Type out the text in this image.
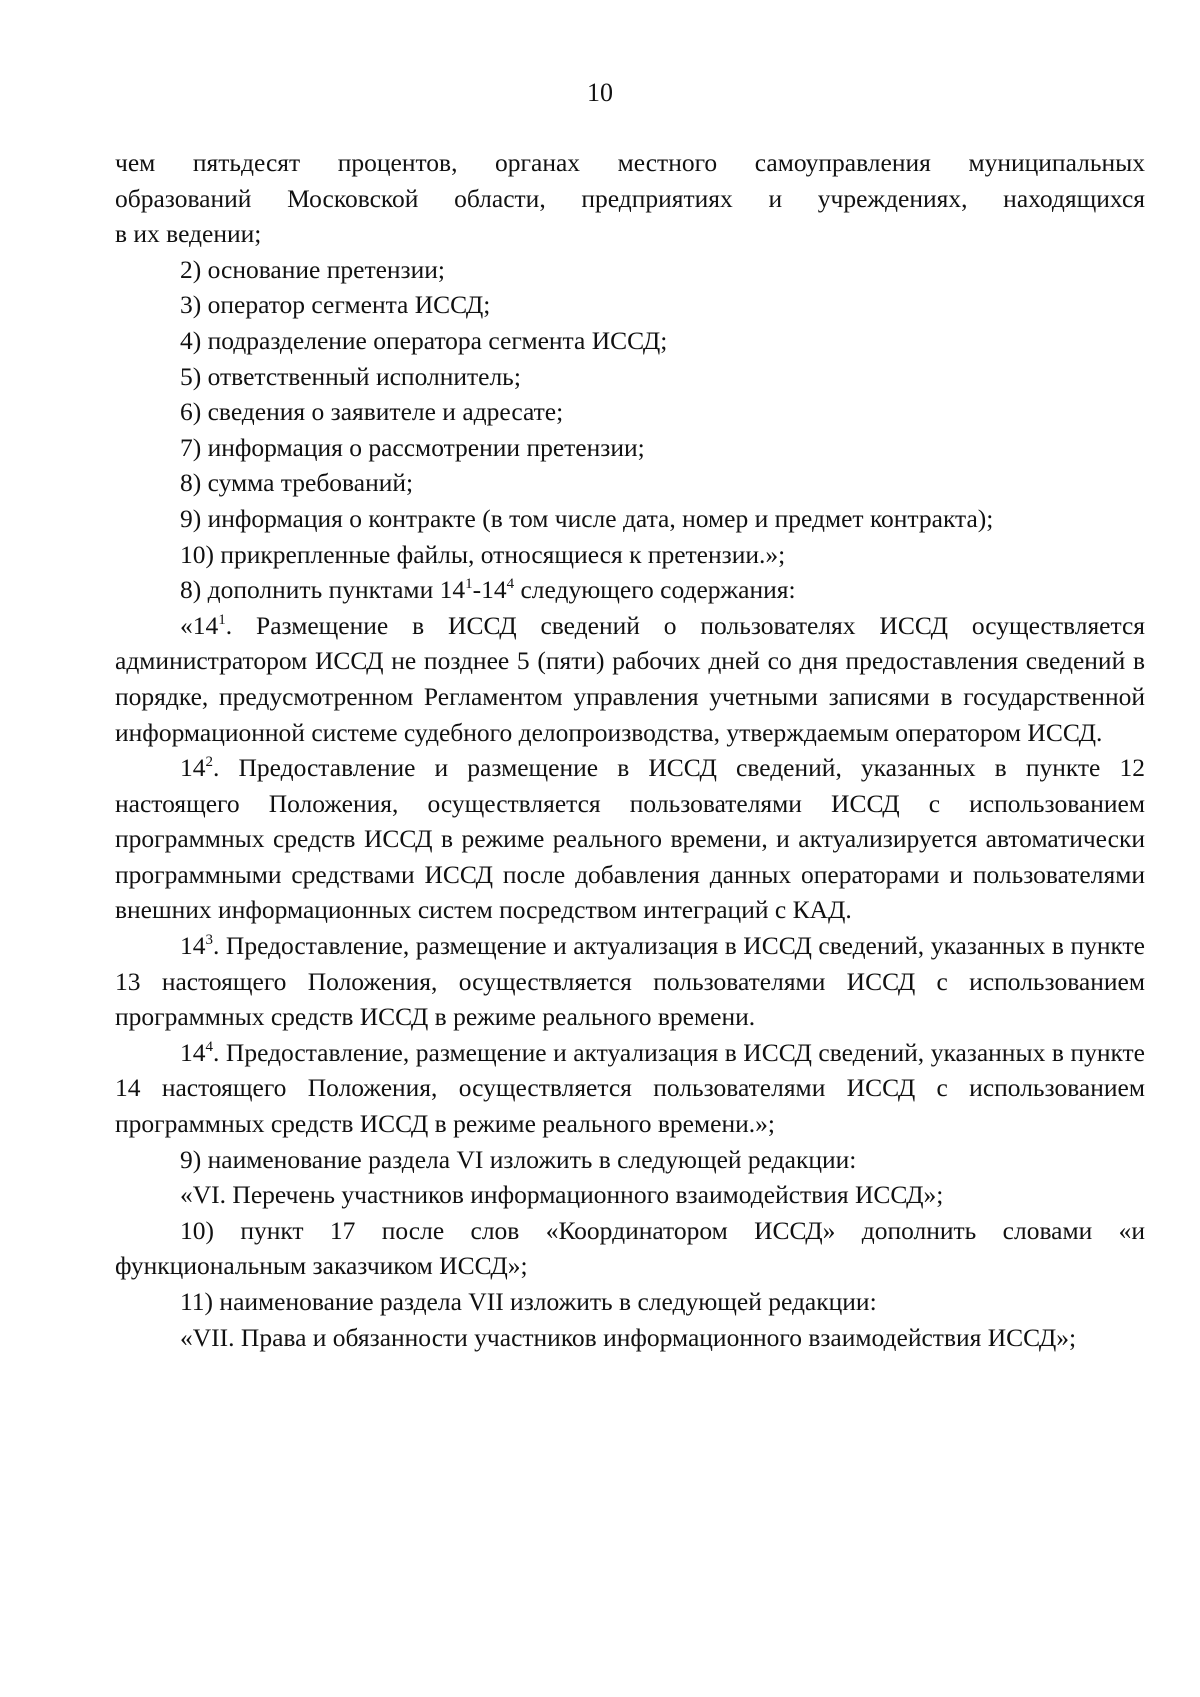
10

чем пятьдесят процентов, органах местного самоуправления муниципальных

образований Московской области, предприятиях и учреждениях, находящихся

в их ведении;

2) основание претензии;

3) оператор сегмента ИССД;

4) подразделение оператора сегмента ИССД;

5) ответственный исполнитель;

6) сведения о заявителе и адресате;

7) информация о рассмотрении претензии;

8) сумма требований;

9) информация о контракте (в том числе дата, номер и предмет контракта);

10) прикрепленные файлы, относящиеся к претензии.»;

8) дополнить пунктами $14^1-14^4$ следующего содержания:

«$14^1$. Размещение в ИССД сведений о пользователях ИССД осуществляется администратором ИССД не позднее 5 (пяти) рабочих дней со дня предоставления сведений в порядке, предусмотренном Регламентом управления учетными записями в государственной информационной системе судебного делопроизводства, утверждаемым оператором ИССД.

$14^2$. Предоставление и размещение в ИССД сведений, указанных в пункте 12 настоящего Положения, осуществляется пользователями ИССД с использованием программных средств ИССД в режиме реального времени, и актуализируется автоматически программными средствами ИССД после добавления данных операторами и пользователями внешних информационных систем посредством интеграций с КАД.

$14^3$. Предоставление, размещение и актуализация в ИССД сведений, указанных в пункте 13 настоящего Положения, осуществляется пользователями ИССД с использованием программных средств ИССД в режиме реального времени.

$14^4$. Предоставление, размещение и актуализация в ИССД сведений, указанных в пункте 14 настоящего Положения, осуществляется пользователями ИССД с использованием программных средств ИССД в режиме реального времени.»;

9) наименование раздела VI изложить в следующей редакции:

«VI. Перечень участников информационного взаимодействия ИССД»;

10) пункт 17 после слов «Координатором ИССД» дополнить словами «и функциональным заказчиком ИССД»;

11) наименование раздела VII изложить в следующей редакции:

«VII. Права и обязанности участников информационного взаимодействия ИССД»;
